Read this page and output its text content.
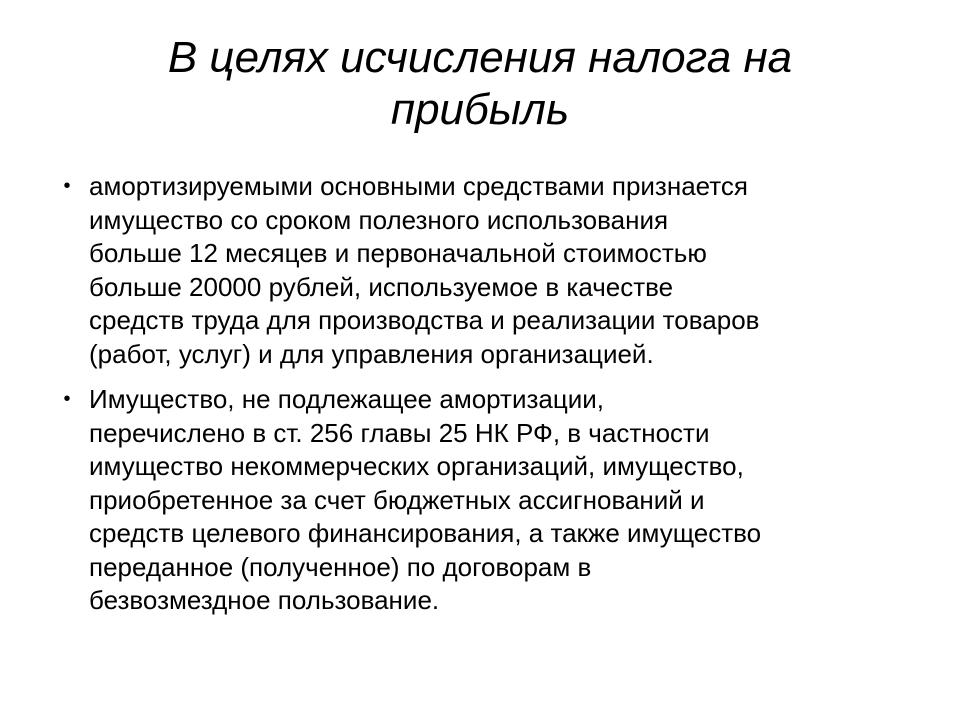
В целях исчисления налога на
прибыль
• амортизируемыми основными средствами признается
имущество со сроком полезного использования
больше 12 месяцев и первоначальной стоимостью
больше 20000 рублей, используемое в качестве
средств труда для производства и реализации товаров
(работ, услуг) и для управления организацией.
• Имущество, не подлежащее амортизации,
перечислено в ст. 256 главы 25 НК РФ, в частности
имущество некоммерческих организаций, имущество,
приобретенное за счет бюджетных ассигнований и
средств целевого финансирования, а также имущество
переданное (полученное) по договорам в
безвозмездное пользование.
